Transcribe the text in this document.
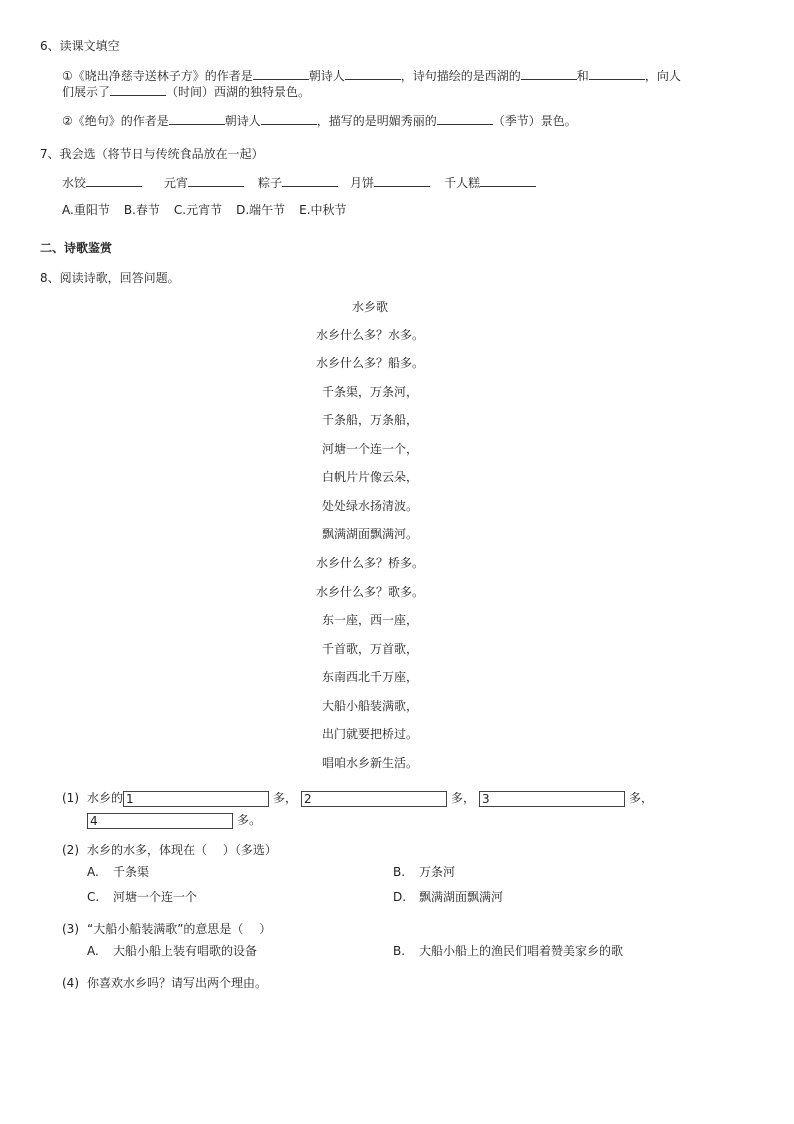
6、读课文填空
①《晓出净慈寺送林子方》的作者是	朝诗人	，诗句描绘的是西湖的	和	，向人
们展示了	（时间）西湖的独特景色。
②《绝句》的作者是	朝诗人	，描写的是明媚秀丽的	（季节）景色。
7、我会选（将节日与传统食品放在一起）
水饺	元宵	粽子	月饼	千人糕
A.重阳节 B.春节 C.元宵节 D.端午节 E.中秋节
二、诗歌鉴赏
8、阅读诗歌，回答问题。
水乡歌
水乡什么多？水多。
水乡什么多？船多。
千条渠，万条河，
千条船，万条船，
河塘一个连一个，
白帆片片像云朵，
处处绿水扬清波。
飘满湖面飘满河。
水乡什么多？桥多。
水乡什么多？歌多。
东一座，西一座，
千首歌，万首歌，
东南西北千万座，
大船小船装满歌，
出门就要把桥过。
唱咱水乡新生活。
(1) 水乡的 1	多， 2	多， 3	多，
4	多。
(2) 水乡的水多，体现在（　 ）（多选）
A. 千条渠	B. 万条河
C. 河塘一个连一个	D. 飘满湖面飘满河
(3) “大船小船装满歌”的意思是（　 ）
A. 大船小船上装有唱歌的设备	B. 大船小船上的渔民们唱着赞美家乡的歌
(4) 你喜欢水乡吗？请写出两个理由。
